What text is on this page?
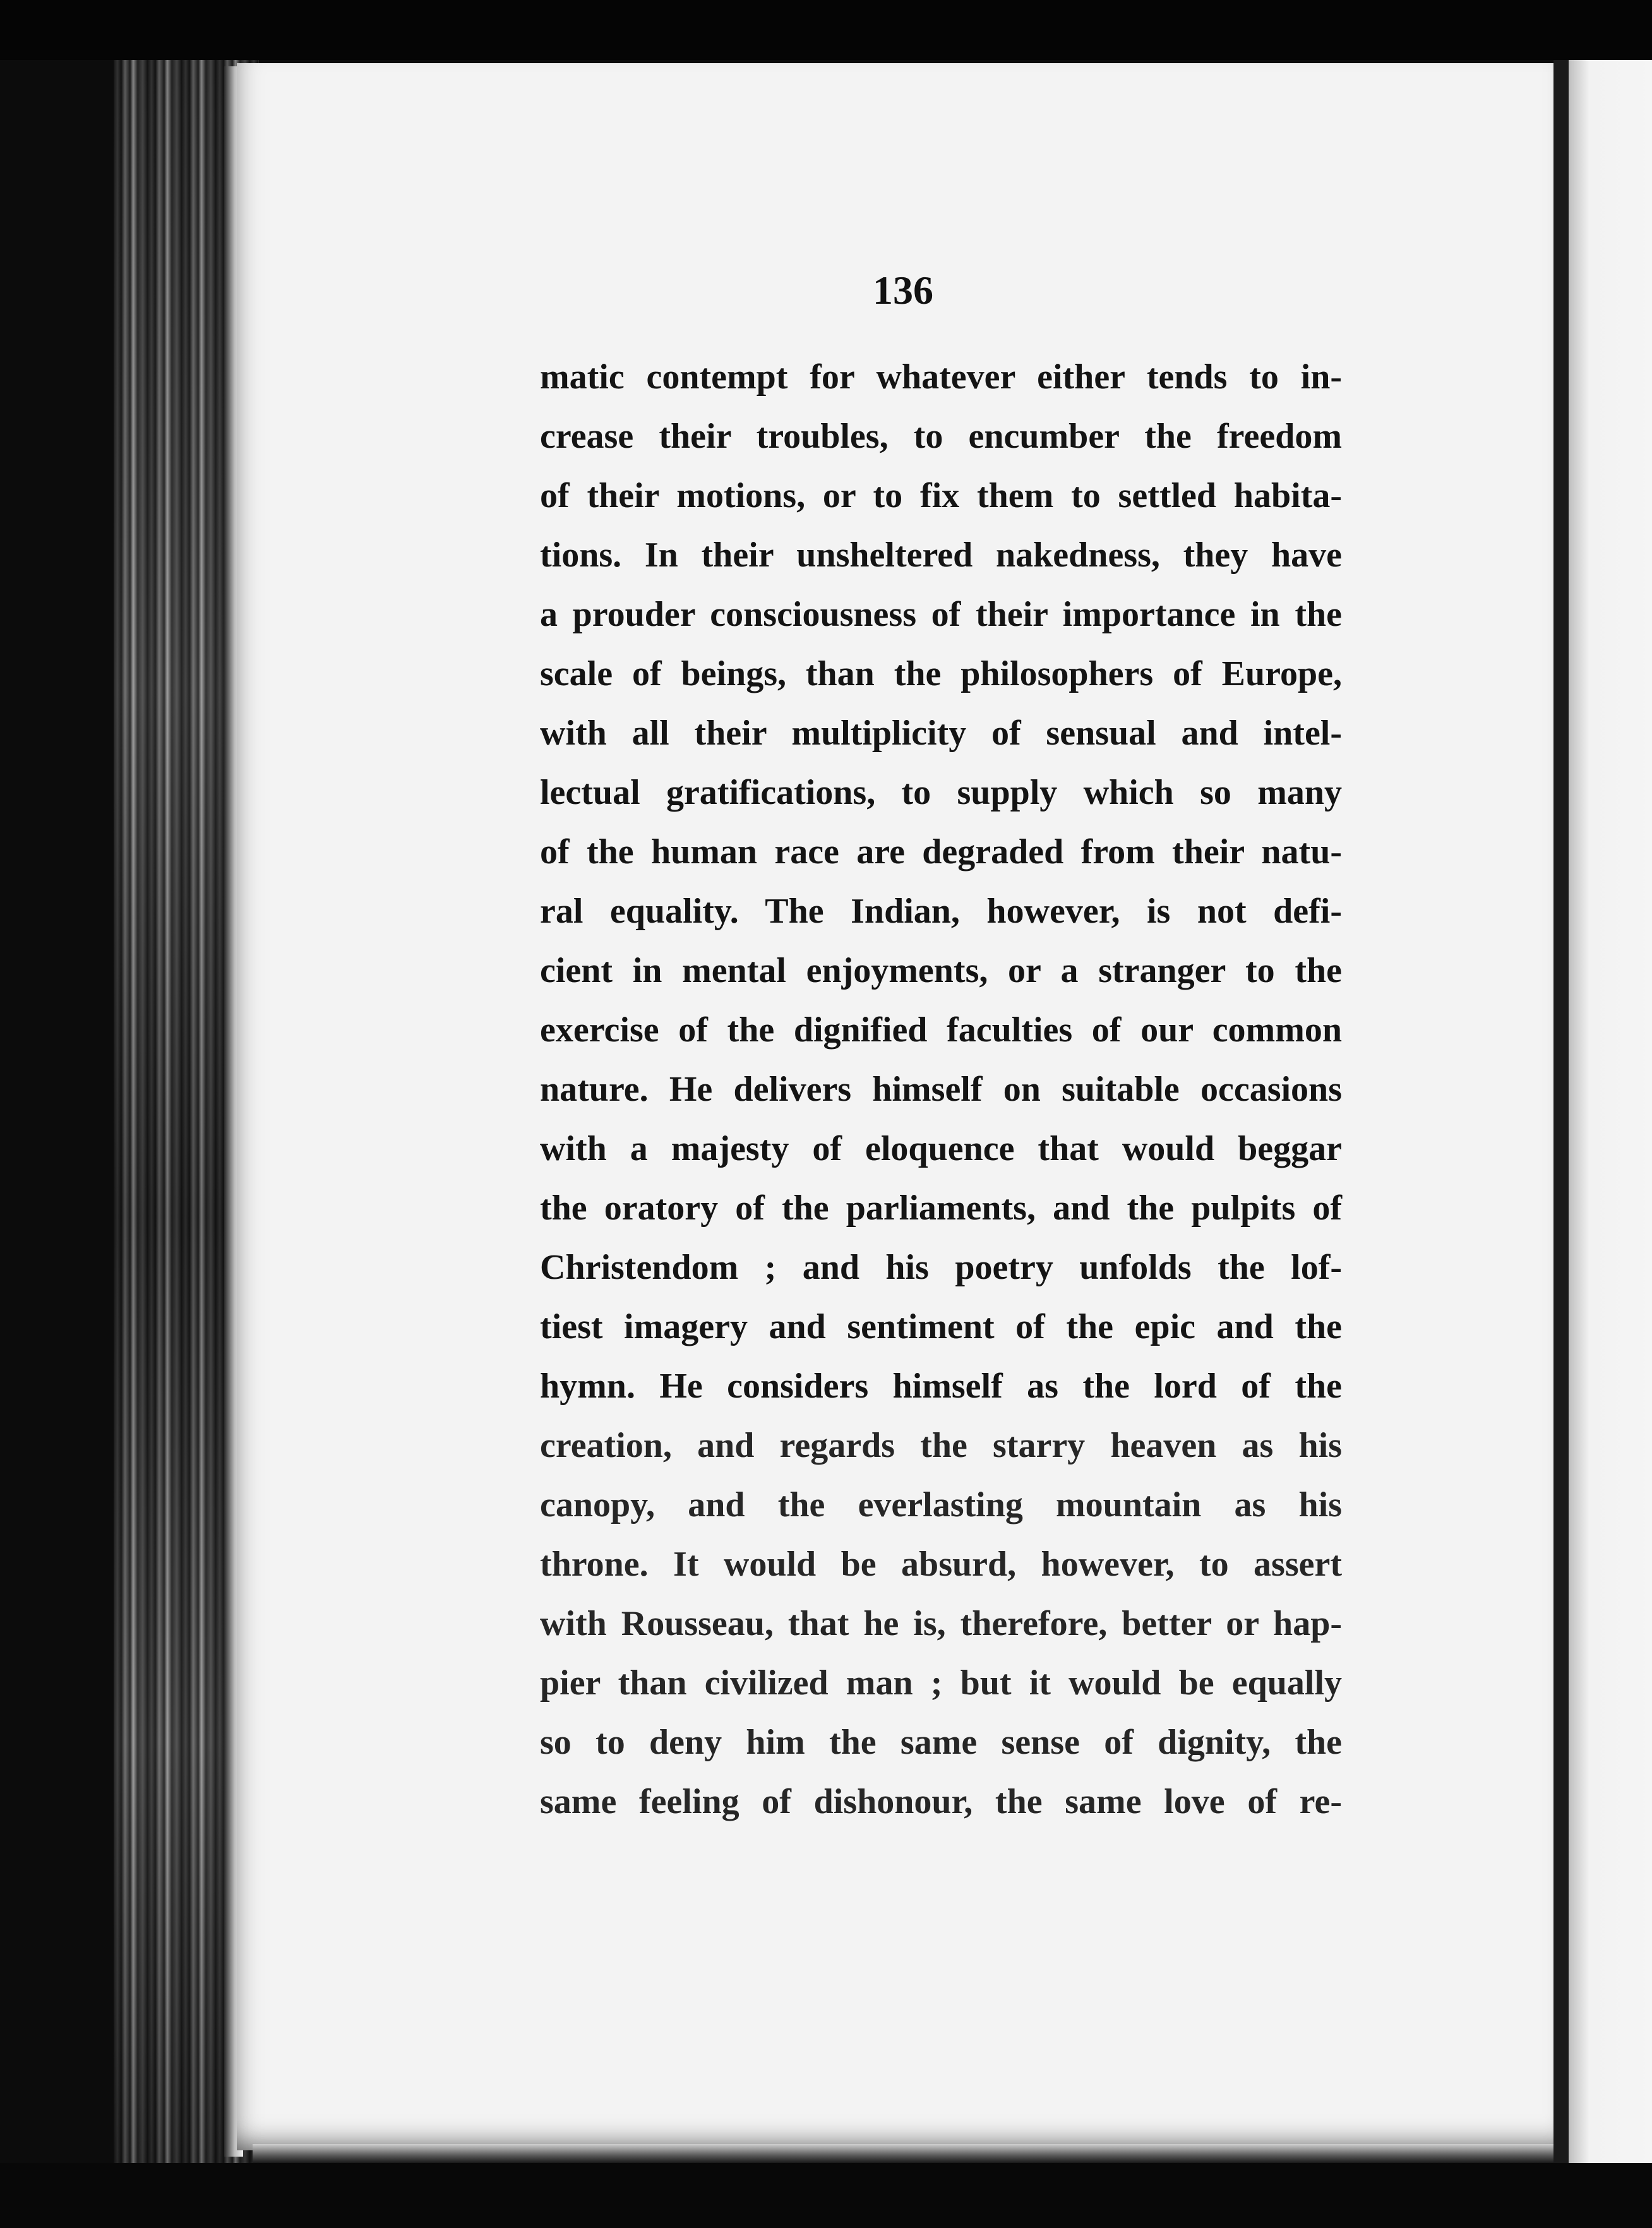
136
matic contempt for whatever either tends to in-
crease their troubles, to encumber the freedom
of their motions, or to fix them to settled habita-
tions. In their unsheltered nakedness, they have
a prouder consciousness of their importance in the
scale of beings, than the philosophers of Europe,
with all their multiplicity of sensual and intel-
lectual gratifications, to supply which so many
of the human race are degraded from their natu-
ral equality. The Indian, however, is not defi-
cient in mental enjoyments, or a stranger to the
exercise of the dignified faculties of our common
nature. He delivers himself on suitable occasions
with a majesty of eloquence that would beggar
the oratory of the parliaments, and the pulpits of
Christendom ; and his poetry unfolds the lof-
tiest imagery and sentiment of the epic and the
hymn. He considers himself as the lord of the
creation, and regards the starry heaven as his
canopy, and the everlasting mountain as his
throne. It would be absurd, however, to assert
with Rousseau, that he is, therefore, better or hap-
pier than civilized man ; but it would be equally
so to deny him the same sense of dignity, the
same feeling of dishonour, the same love of re-
